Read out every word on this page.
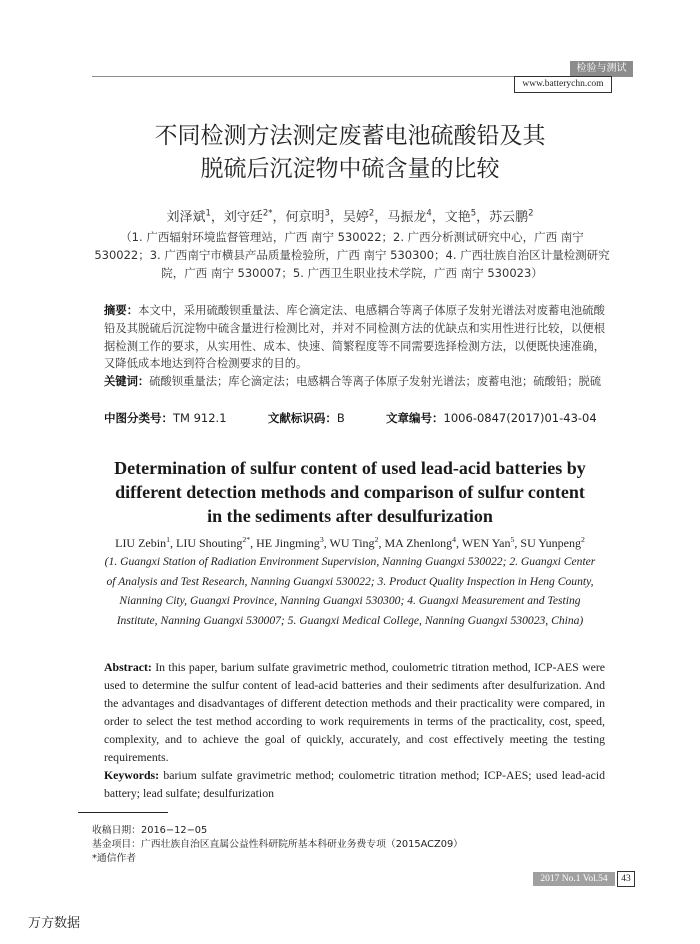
检验与测试
www.batterychn.com
不同检测方法测定废蓄电池硫酸铅及其
脱硫后沉淀物中硫含量的比较
刘泽斌$^1$，刘守廷$^{2*}$，何京明$^3$，吴婷$^2$，马振龙$^4$，文艳$^5$，苏云鹏$^2$
（1. 广西辐射环境监督管理站，广西 南宁 530022；2. 广西分析测试研究中心，广西 南宁 530022；3. 广西南宁市横县产品质量检验所，广西 南宁 530300；4. 广西壮族自治区计量检测研究院，广西 南宁 530007；5. 广西卫生职业技术学院，广西 南宁 530023）
摘要：本文中，采用硫酸钡重量法、库仑滴定法、电感耦合等离子体原子发射光谱法对废蓄电池硫酸铅及其脱硫后沉淀物中硫含量进行检测比对，并对不同检测方法的优缺点和实用性进行比较，以便根据检测工作的要求，从实用性、成本、快速、简繁程度等不同需要选择检测方法，以便既快速准确，又降低成本地达到符合检测要求的目的。
关键词：硫酸钡重量法；库仑滴定法；电感耦合等离子体原子发射光谱法；废蓄电池；硫酸铅；脱硫
中图分类号：TM 912.1	文献标识码：B	文章编号：1006-0847(2017)01-43-04
Determination of sulfur content of used lead-acid batteries by
different detection methods and comparison of sulfur content
in the sediments after desulfurization
LIU Zebin$^1$, LIU Shouting$^{2*}$, HE Jingming$^3$, WU Ting$^2$, MA Zhenlong$^4$, WEN Yan$^5$, SU Yunpeng$^2$
(1. Guangxi Station of Radiation Environment Supervision, Nanning Guangxi 530022; 2. Guangxi Center of Analysis and Test Research, Nanning Guangxi 530022; 3. Product Quality Inspection in Heng County, Nianning City, Guangxi Province, Nanning Guangxi 530300; 4. Guangxi Measurement and Testing Institute, Nanning Guangxi 530007; 5. Guangxi Medical College, Nanning Guangxi 530023, China)
Abstract: In this paper, barium sulfate gravimetric method, coulometric titration method, ICP-AES were used to determine the sulfur content of lead-acid batteries and their sediments after desulfurization. And the advantages and disadvantages of different detection methods and their practicality were compared, in order to select the test method according to work requirements in terms of the practicality, cost, speed, complexity, and to achieve the goal of quickly, accurately, and cost effectively meeting the testing requirements.
Keywords: barium sulfate gravimetric method; coulometric titration method; ICP-AES; used lead-acid battery; lead sulfate; desulfurization
收稿日期：2016−12−05
基金项目：广西壮族自治区直属公益性科研院所基本科研业务费专项（2015ACZ09）
*通信作者
2017 No.1 Vol.54	43
万方数据
